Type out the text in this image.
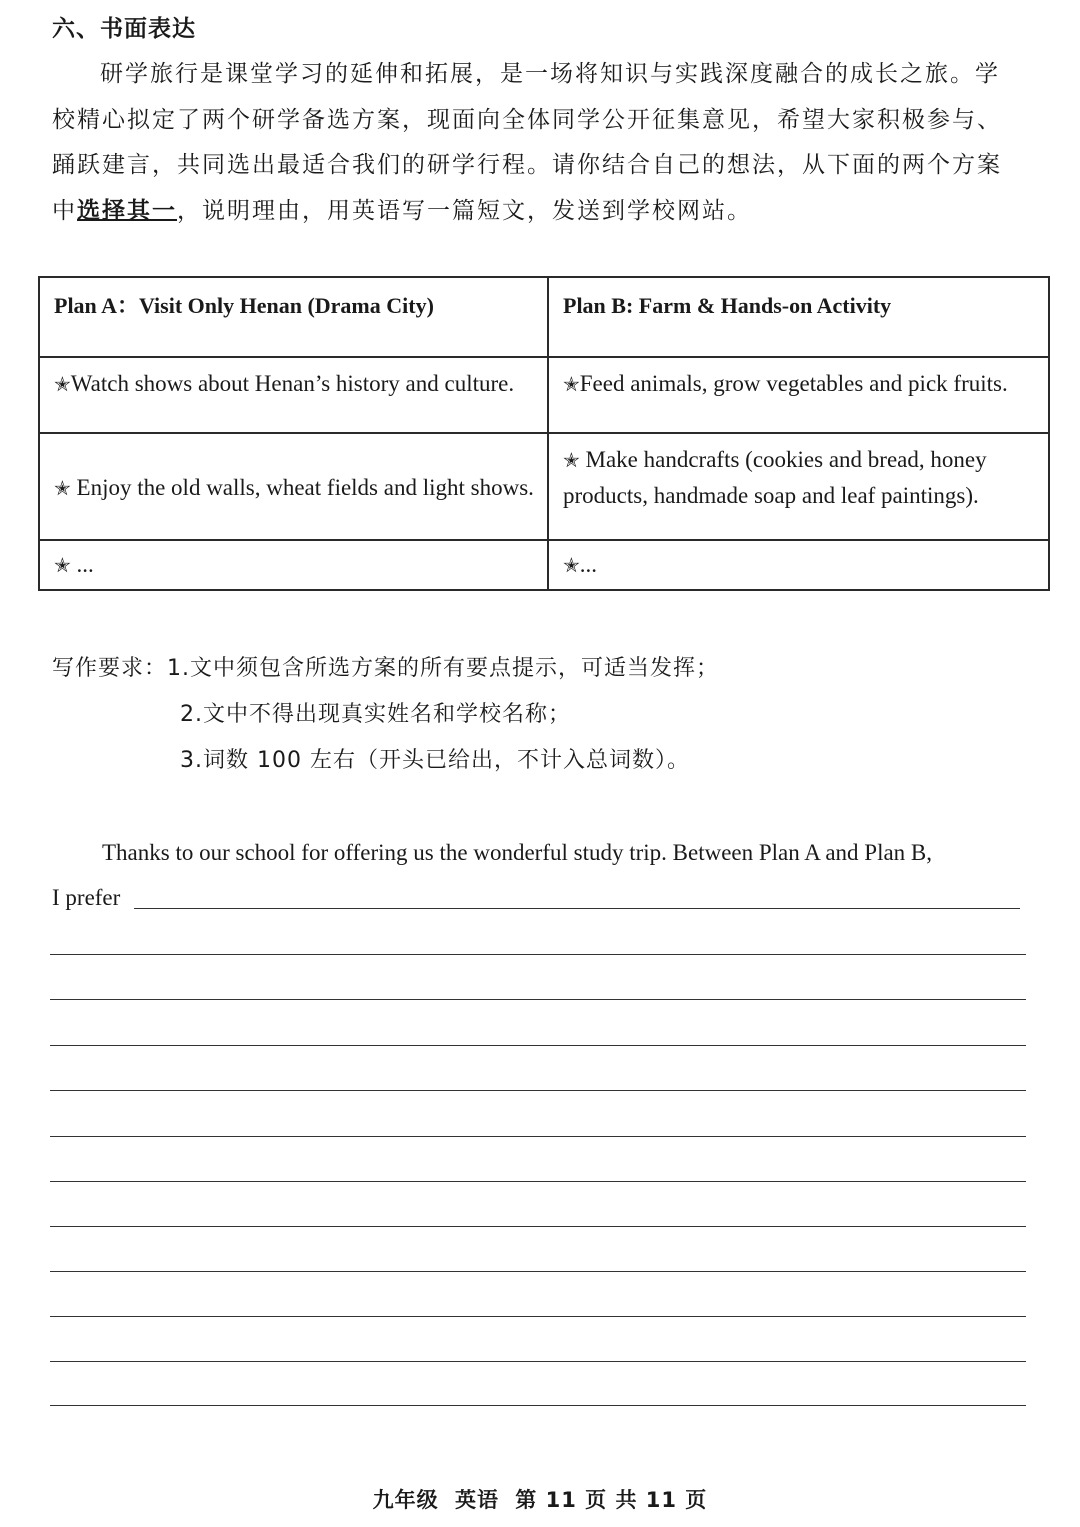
六、书面表达
研学旅行是课堂学习的延伸和拓展，是一场将知识与实践深度融合的成长之旅。学
校精心拟定了两个研学备选方案，现面向全体同学公开征集意见，希望大家积极参与、
踊跃建言，共同选出最适合我们的研学行程。请你结合自己的想法，从下面的两个方案
中选择其一，说明理由，用英语写一篇短文，发送到学校网站。
Plan A：Visit Only Henan (Drama City)	Plan B: Farm & Hands-on Activity
✭Watch shows about Henan’s history and culture.	✭Feed animals, grow vegetables and pick fruits.
✭ Enjoy the old walls, wheat fields and light shows.	✭ Make handcrafts (cookies and bread, honey products, handmade soap and leaf paintings).
✭ ...	✭...
写作要求：1.文中须包含所选方案的所有要点提示，可适当发挥；
2.文中不得出现真实姓名和学校名称；
3.词数 100 左右（开头已给出，不计入总词数）。
Thanks to our school for offering us the wonderful study trip. Between Plan A and Plan B,
I prefer
九年级 英语 第 11 页 共 11 页
